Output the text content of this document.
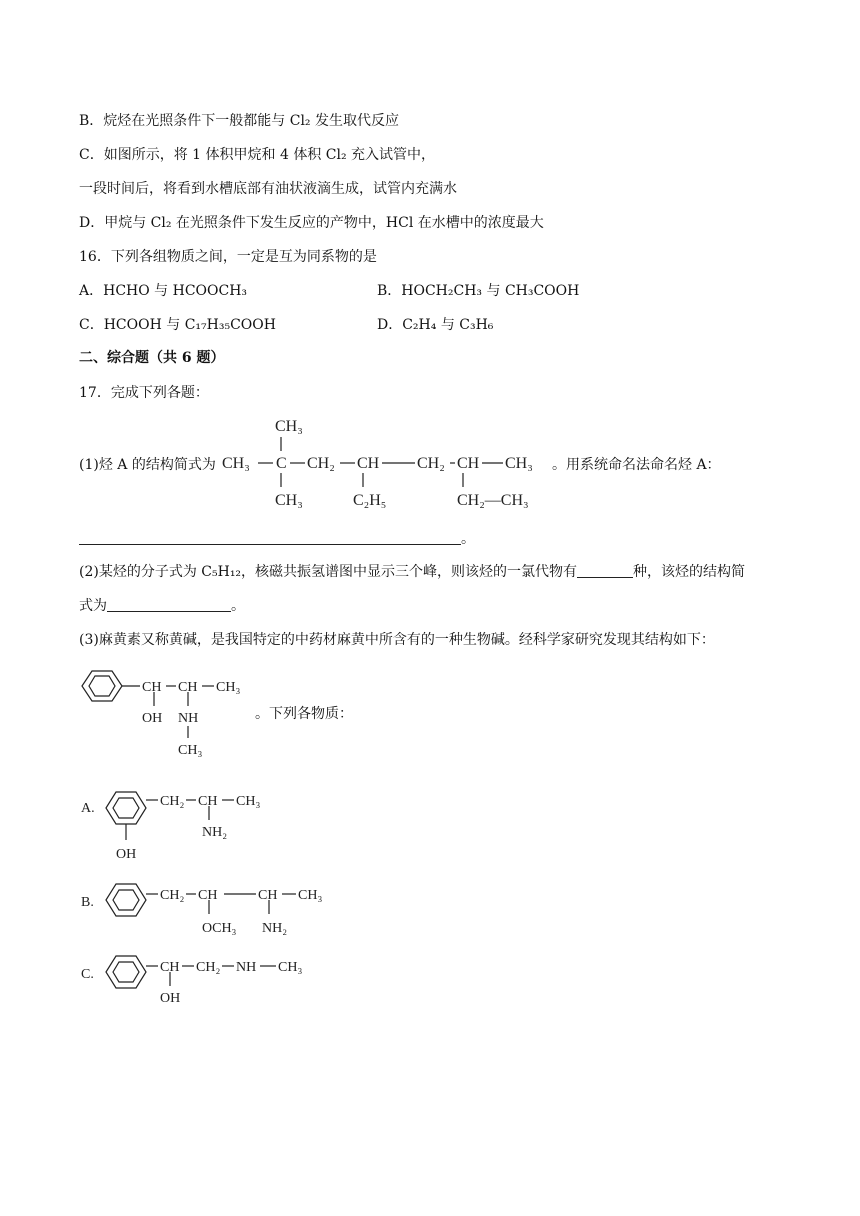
B．烷烃在光照条件下一般都能与 Cl₂ 发生取代反应
C．如图所示，将 1 体积甲烷和 4 体积 Cl₂ 充入试管中，
一段时间后，将看到水槽底部有油状液滴生成，试管内充满水
D．甲烷与 Cl₂ 在光照条件下发生反应的产物中，HCl 在水槽中的浓度最大
16．下列各组物质之间，一定是互为同系物的是
A．HCHO 与 HCOOCH₃	B．HOCH₂CH₃ 与 CH₃COOH
C．HCOOH 与 C₁₇H₃₅COOH	D．C₂H₄ 与 C₃H₆
二、综合题（共 6 题）
17．完成下列各题：
(1)烃 A 的结构简式为
CH₃
CH₃ C CH₂ CH CH₂ CH CH₃
CH₃	C₂H₅	CH₂—CH₃
。用系统命名法命名烃 A：
。
(2)某烃的分子式为 C₅H₁₂，核磁共振氢谱图中显示三个峰，则该烃的一氯代物有	种，该烃的结构简
式为	。
(3)麻黄素又称黄碱，是我国特定的中药材麻黄中所含有的一种生物碱。经科学家研究发现其结构如下：
CH CH CH₃
OH NH
CH₃
。下列各物质：
A.	CH₂ CH CH₃
NH₂
OH
B.	CH₂ CH	CH CH₃
OCH₃ NH₂
C.	CH CH₂ NH CH₃
OH
